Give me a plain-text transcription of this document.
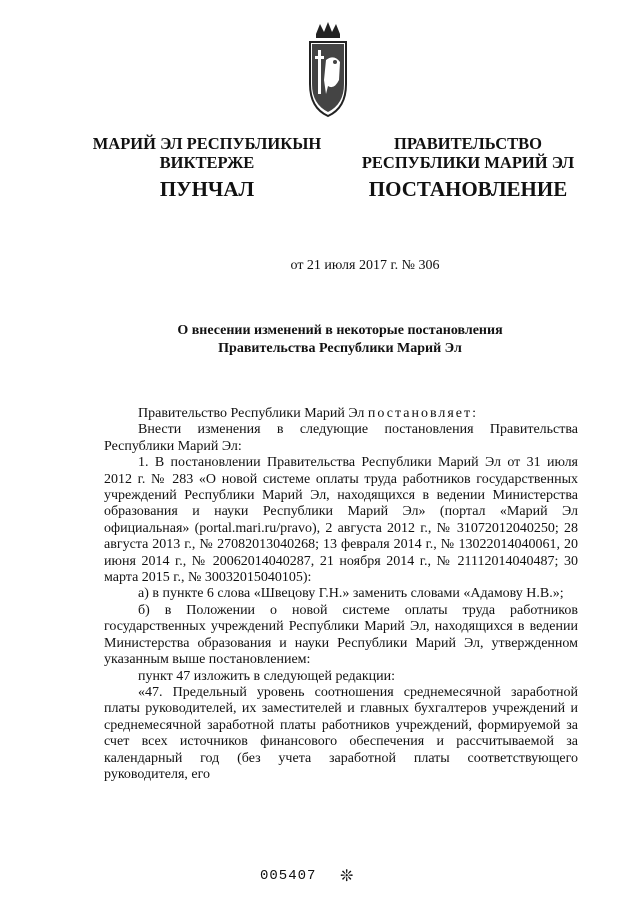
МАРИЙ ЭЛ РЕСПУБЛИКЫН
ВИКТЕРЖЕ
ПРАВИТЕЛЬСТВО
РЕСПУБЛИКИ МАРИЙ ЭЛ
ПУНЧАЛ	ПОСТАНОВЛЕНИЕ
от 21 июля 2017 г. № 306
О внесении изменений в некоторые постановления
Правительства Республики Марий Эл

Правительство Республики Марий Эл постановляет:

Внести изменения в следующие постановления Правительства Республики Марий Эл:

1. В постановлении Правительства Республики Марий Эл от 31 июля 2012 г. № 283 «О новой системе оплаты труда работников государственных учреждений Республики Марий Эл, находящихся в ведении Министерства образования и науки Республики Марий Эл» (портал «Марий Эл официальная» (portal.mari.ru/pravo), 2 августа 2012 г., № 31072012040250; 28 августа 2013 г., № 27082013040268; 13 февраля 2014 г., № 13022014040061, 20 июня 2014 г., № 20062014040287, 21 ноября 2014 г., № 21112014040487; 30 марта 2015 г., № 30032015040105):

а) в пункте 6 слова «Швецову Г.Н.» заменить словами «Адамову Н.В.»;

б) в Положении о новой системе оплаты труда работников государственных учреждений Республики Марий Эл, находящихся в ведении Министерства образования и науки Республики Марий Эл, утвержденном указанным выше постановлением:

пункт 47 изложить в следующей редакции:

«47. Предельный уровень соотношения среднемесячной заработной платы руководителей, их заместителей и главных бухгалтеров учреждений и среднемесячной заработной платы работников учреждений, формируемой за счет всех источников финансового обеспечения и рассчитываемой за календарный год (без учета заработной платы соответствующего руководителя, его

005407 ❊
